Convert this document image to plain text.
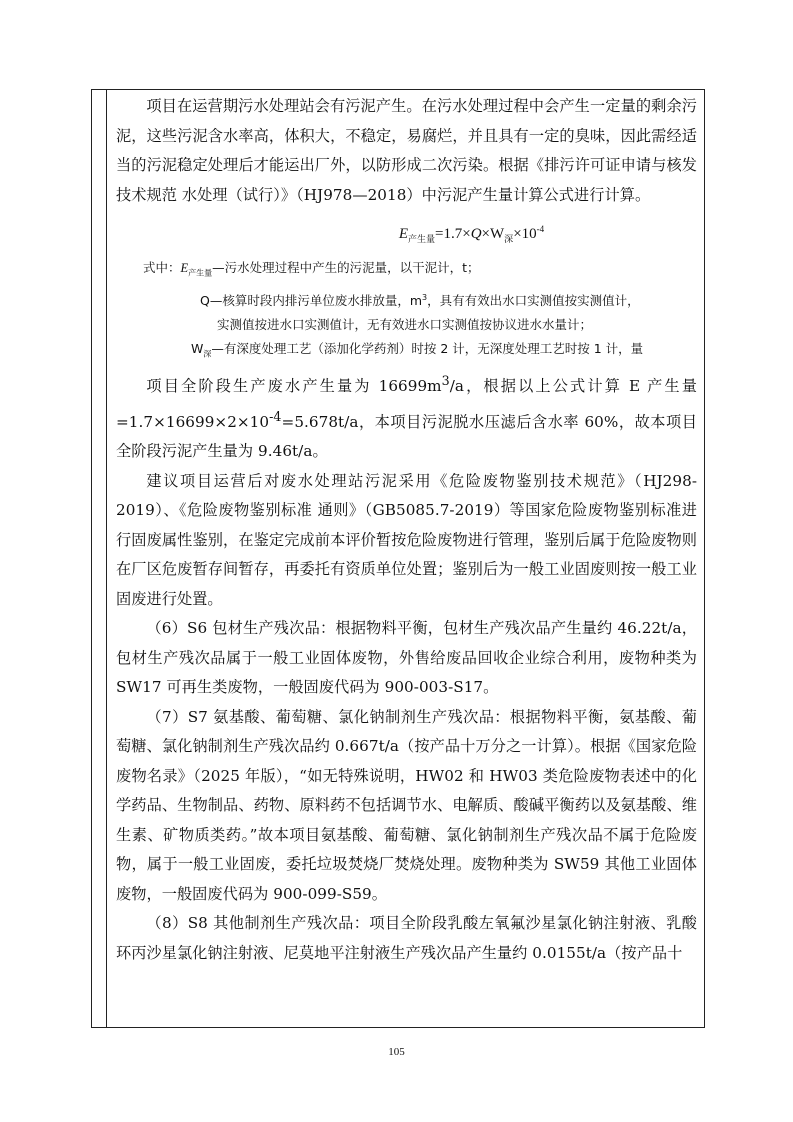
项目在运营期污水处理站会有污泥产生。在污水处理过程中会产生一定量的剩余污泥，这些污泥含水率高，体积大，不稳定，易腐烂，并且具有一定的臭味，因此需经适当的污泥稳定处理后才能运出厂外，以防形成二次污染。根据《排污许可证申请与核发技术规范 水处理（试行）》（HJ978—2018）中污泥产生量计算公式进行计算。

$E_{产生量}=1.7\times Q\times W_深\times 10^{-4}$

式中：$E_{产生量}—$污水处理过程中产生的污泥量，以干泥计，t；

Q—核算时段内排污单位废水排放量，$m^3$，具有有效出水口实测值按实测值计，

实测值按进水口实测值计，无有效进水口实测值按协议进水水量计；

$W_深—$有深度处理工艺（添加化学药剂）时按 2 计，无深度处理工艺时按 1 计，量

项目全阶段生产废水产生量为 $16699m^3/a$，根据以上公式计算 E 产生量$=1.7\times 16699\times 2\times 10^{-4}=5.678t/a$，本项目污泥脱水压滤后含水率 60%，故本项目全阶段污泥产生量为 9.46t/a。

建议项目运营后对废水处理站污泥采用《危险废物鉴别技术规范》（HJ298-2019）、《危险废物鉴别标准 通则》（GB5085.7-2019）等国家危险废物鉴别标准进行固废属性鉴别，在鉴定完成前本评价暂按危险废物进行管理，鉴别后属于危险废物则在厂区危废暂存间暂存，再委托有资质单位处置；鉴别后为一般工业固废则按一般工业固废进行处置。

（6）S6 包材生产残次品：根据物料平衡，包材生产残次品产生量约 46.22t/a，包材生产残次品属于一般工业固体废物，外售给废品回收企业综合利用，废物种类为 SW17 可再生类废物，一般固废代码为 900-003-S17。

（7）S7 氨基酸、葡萄糖、氯化钠制剂生产残次品：根据物料平衡，氨基酸、葡萄糖、氯化钠制剂生产残次品约 0.667t/a（按产品十万分之一计算）。根据《国家危险废物名录》（2025 年版），“如无特殊说明，HW02 和 HW03 类危险废物表述中的化学药品、生物制品、药物、原料药不包括调节水、电解质、酸碱平衡药以及氨基酸、维生素、矿物质类药。”故本项目氨基酸、葡萄糖、氯化钠制剂生产残次品不属于危险废物，属于一般工业固废，委托垃圾焚烧厂焚烧处理。废物种类为 SW59 其他工业固体废物，一般固废代码为 900-099-S59。

（8）S8 其他制剂生产残次品：项目全阶段乳酸左氧氟沙星氯化钠注射液、乳酸环丙沙星氯化钠注射液、尼莫地平注射液生产残次品产生量约 0.0155t/a（按产品十

105
